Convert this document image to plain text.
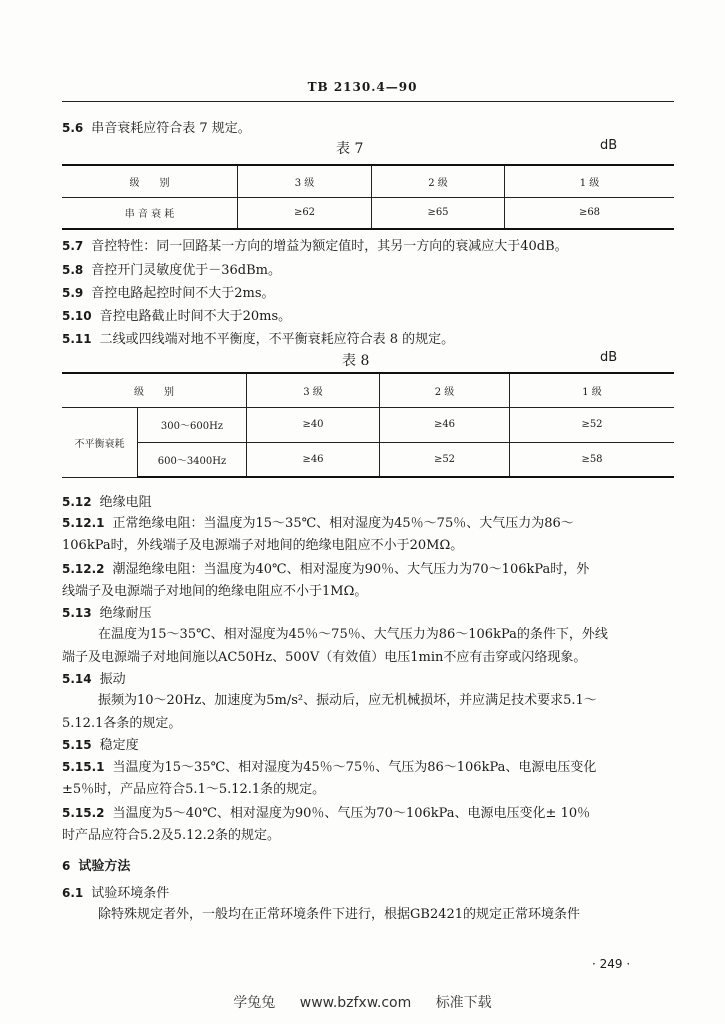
TB 2130.4—90
5.6 串音衰耗应符合表 7 规定。
表 7	dB
级　　别	3 级	2 级	1 级
串 音 衰 耗	≥62	≥65	≥68
5.7 音控特性：同一回路某一方向的增益为额定值时，其另一方向的衰减应大于40dB。
5.8 音控开门灵敏度优于－36dBm。
5.9 音控电路起控时间不大于2ms。
5.10 音控电路截止时间不大于20ms。
5.11 二线或四线端对地不平衡度，不平衡衰耗应符合表 8 的规定。
表 8	dB
级　　别		3 级	2 级	1 级
不平衡衰耗	300～600Hz	≥40	≥46	≥52
	600～3400Hz	≥46	≥52	≥58
5.12 绝缘电阻
5.12.1 正常绝缘电阻：当温度为15～35℃、相对湿度为45％～75％、大气压力为86～
106kPa时，外线端子及电源端子对地间的绝缘电阻应不小于20MΩ。
5.12.2 潮湿绝缘电阻：当温度为40℃、相对湿度为90％、大气压力为70～106kPa时，外
线端子及电源端子对地间的绝缘电阻应不小于1MΩ。
5.13 绝缘耐压
在温度为15～35℃、相对湿度为45％～75％、大气压力为86～106kPa的条件下，外线
端子及电源端子对地间施以AC50Hz、500V（有效值）电压1min不应有击穿或闪络现象。
5.14 振动
振频为10～20Hz、加速度为5m/s²、振动后，应无机械损坏，并应满足技术要求5.1～
5.12.1各条的规定。
5.15 稳定度
5.15.1 当温度为15～35℃、相对湿度为45％～75％、气压为86～106kPa、电源电压变化
±5％时，产品应符合5.1～5.12.1条的规定。
5.15.2 当温度为5～40℃、相对湿度为90％、气压为70～106kPa、电源电压变化± 10％
时产品应符合5.2及5.12.2条的规定。
6 试验方法
6.1 试验环境条件
除特殊规定者外，一般均在正常环境条件下进行，根据GB2421的规定正常环境条件
· 249 ·
学兔兔 www.bzfxw.com 标准下载
